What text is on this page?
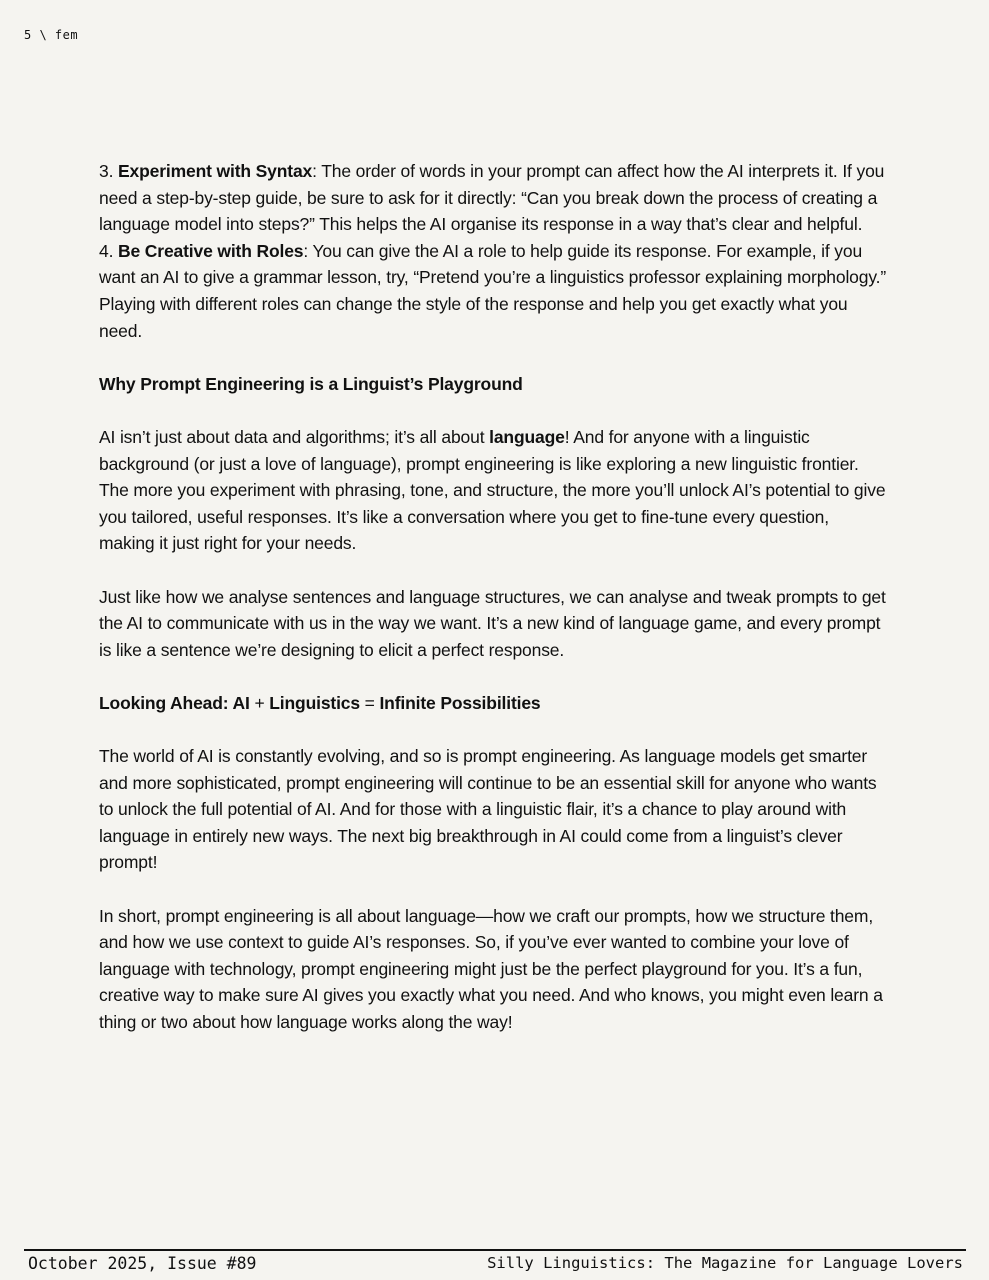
5 \ fem

3. Experiment with Syntax: The order of words in your prompt can affect how the AI interprets it. If you need a step-by-step guide, be sure to ask for it directly: “Can you break down the process of creating a language model into steps?” This helps the AI organise its response in a way that’s clear and helpful.

4. Be Creative with Roles: You can give the AI a role to help guide its response. For example, if you want an AI to give a grammar lesson, try, “Pretend you’re a linguistics professor explaining morphology.” Playing with different roles can change the style of the response and help you get exactly what you need.

Why Prompt Engineering is a Linguist’s Playground

AI isn’t just about data and algorithms; it’s all about language! And for anyone with a linguistic background (or just a love of language), prompt engineering is like exploring a new linguistic frontier. The more you experiment with phrasing, tone, and structure, the more you’ll unlock AI’s potential to give you tailored, useful responses. It’s like a conversation where you get to fine-tune every question, making it just right for your needs.

Just like how we analyse sentences and language structures, we can analyse and tweak prompts to get the AI to communicate with us in the way we want. It’s a new kind of language game, and every prompt is like a sentence we’re designing to elicit a perfect response.

Looking Ahead: AI + Linguistics = Infinite Possibilities

The world of AI is constantly evolving, and so is prompt engineering. As language models get smarter and more sophisticated, prompt engineering will continue to be an essential skill for anyone who wants to unlock the full potential of AI. And for those with a linguistic flair, it’s a chance to play around with language in entirely new ways. The next big breakthrough in AI could come from a linguist’s clever prompt!

In short, prompt engineering is all about language—how we craft our prompts, how we structure them, and how we use context to guide AI’s responses. So, if you’ve ever wanted to combine your love of language with technology, prompt engineering might just be the perfect playground for you. It’s a fun, creative way to make sure AI gives you exactly what you need. And who knows, you might even learn a thing or two about how language works along the way!

October 2025, Issue #89	Silly Linguistics: The Magazine for Language Lovers
